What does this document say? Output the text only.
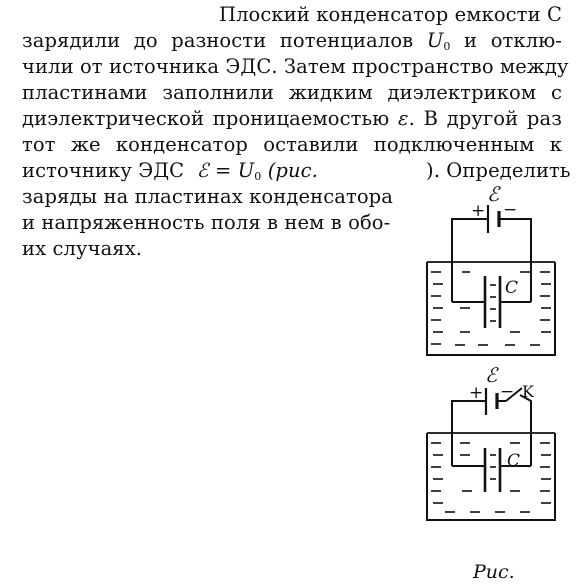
Плоский конденсатор емкости C
зарядили до разности потенциалов $U_0$ и отклю-
чили от источника ЭДС. Затем пространство между
пластинами заполнили жидким диэлектриком с
диэлектрической проницаемостью ε. В другой раз
тот же конденсатор оставили подключенным к
источнику ЭДС ℰ = $U_0$ (рис.	). Определить
заряды на пластинах конденсатора
и напряженность поля в нем в обо-
их случаях.
+ −
ℰ
C
K
+ −
ℰ
C
Рис.
